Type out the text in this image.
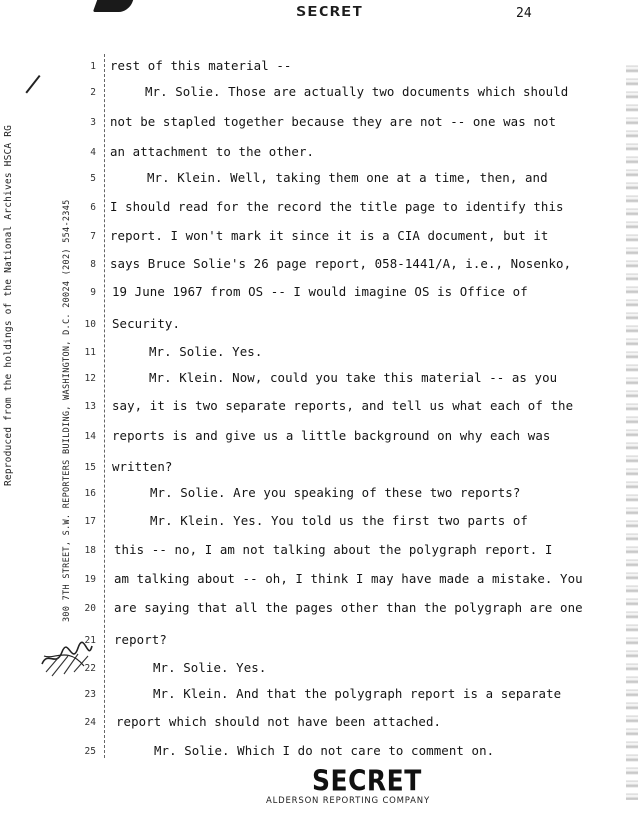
SECRET	24
Reproduced from the holdings of the National Archives HSCA RG	300 7TH STREET, S.W. REPORTERS BUILDING, WASHINGTON, D.C. 20024 (202) 554-2345
1 rest of this material --
2	Mr. Solie. Those are actually two documents which should
3 not be stapled together because they are not -- one was not
4 an attachment to the other.
5	Mr. Klein. Well, taking them one at a time, then, and
6 I should read for the record the title page to identify this
7 report. I won't mark it since it is a CIA document, but it
8 says Bruce Solie's 26 page report, 058-1441/A, i.e., Nosenko,
9 19 June 1967 from OS -- I would imagine OS is Office of
10 Security.
11	Mr. Solie. Yes.
12	Mr. Klein. Now, could you take this material -- as you
13 say, it is two separate reports, and tell us what each of the
14 reports is and give us a little background on why each was
15 written?
16	Mr. Solie. Are you speaking of these two reports?
17	Mr. Klein. Yes. You told us the first two parts of
18 this -- no, I am not talking about the polygraph report. I
19 am talking about -- oh, I think I may have made a mistake. You
20 are saying that all the pages other than the polygraph are one
21 report?
22	Mr. Solie. Yes.
23	Mr. Klein. And that the polygraph report is a separate
24 report which should not have been attached.
25	Mr. Solie. Which I do not care to comment on.
SECRET
ALDERSON REPORTING COMPANY
